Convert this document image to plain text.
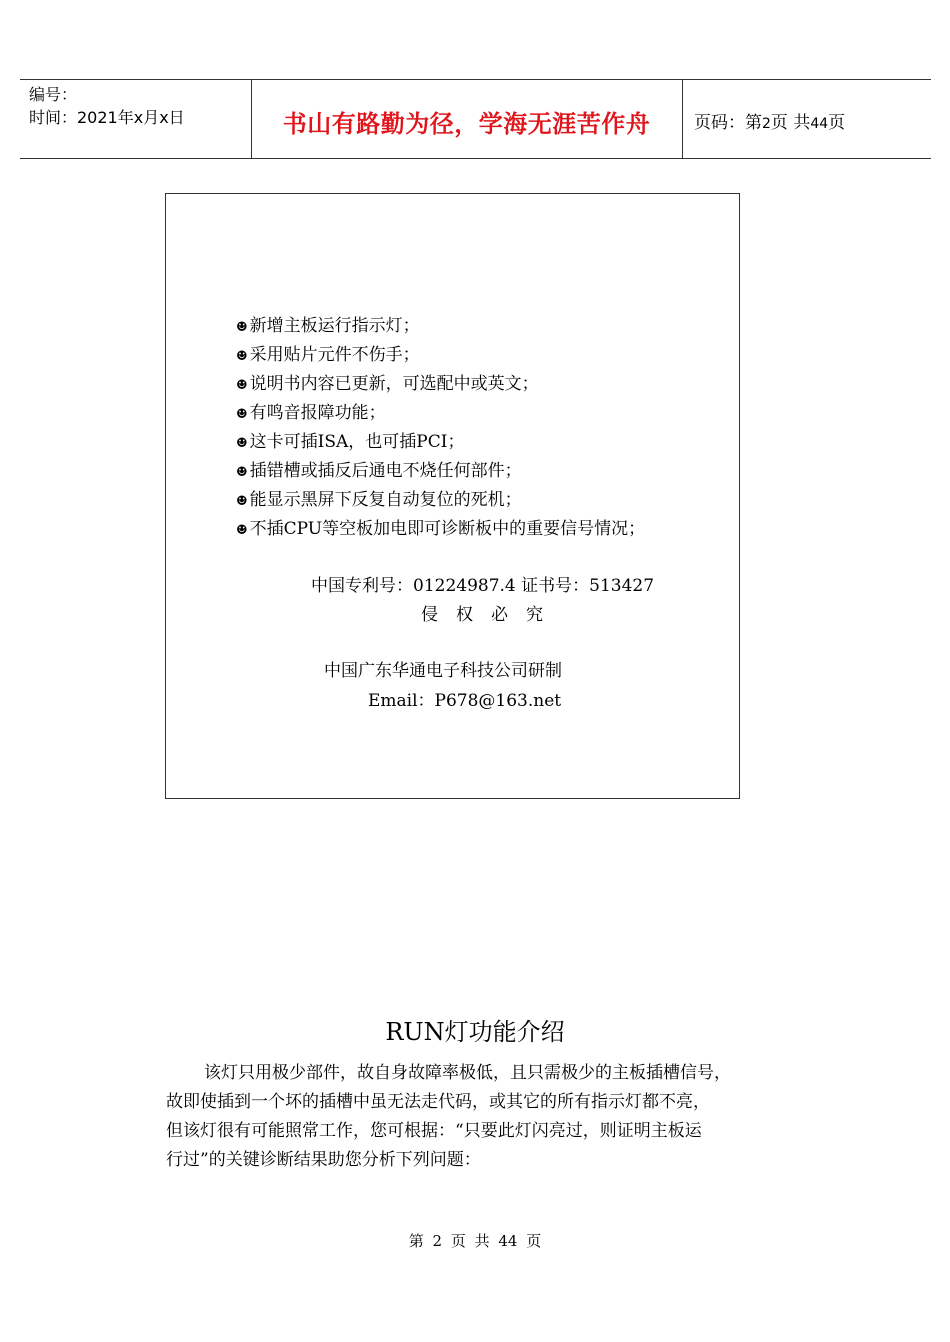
编号：
时间：2021年x月x日	书山有路勤为径，学海无涯苦作舟	页码：第2页 共44页
☻ 新增主板运行指示灯；
☻ 采用贴片元件不伤手；
☻ 说明书内容已更新，可选配中或英文；
☻ 有鸣音报障功能；
☻ 这卡可插ISA，也可插PCI；
☻ 插错槽或插反后通电不烧任何部件；
☻ 能显示黑屏下反复自动复位的死机；
☻ 不插CPU等空板加电即可诊断板中的重要信号情况；
中国专利号：01224987.4 证书号：513427
侵权必究
中国广东华通电子科技公司研制
Email：P678@163.net
RUN灯功能介绍
该灯只用极少部件，故自身故障率极低，且只需极少的主板插槽信号，
故即使插到一个坏的插槽中虽无法走代码，或其它的所有指示灯都不亮，
但该灯很有可能照常工作，您可根据：“只要此灯闪亮过，则证明主板运
行过”的关键诊断结果助您分析下列问题：
第 2 页 共 44 页
